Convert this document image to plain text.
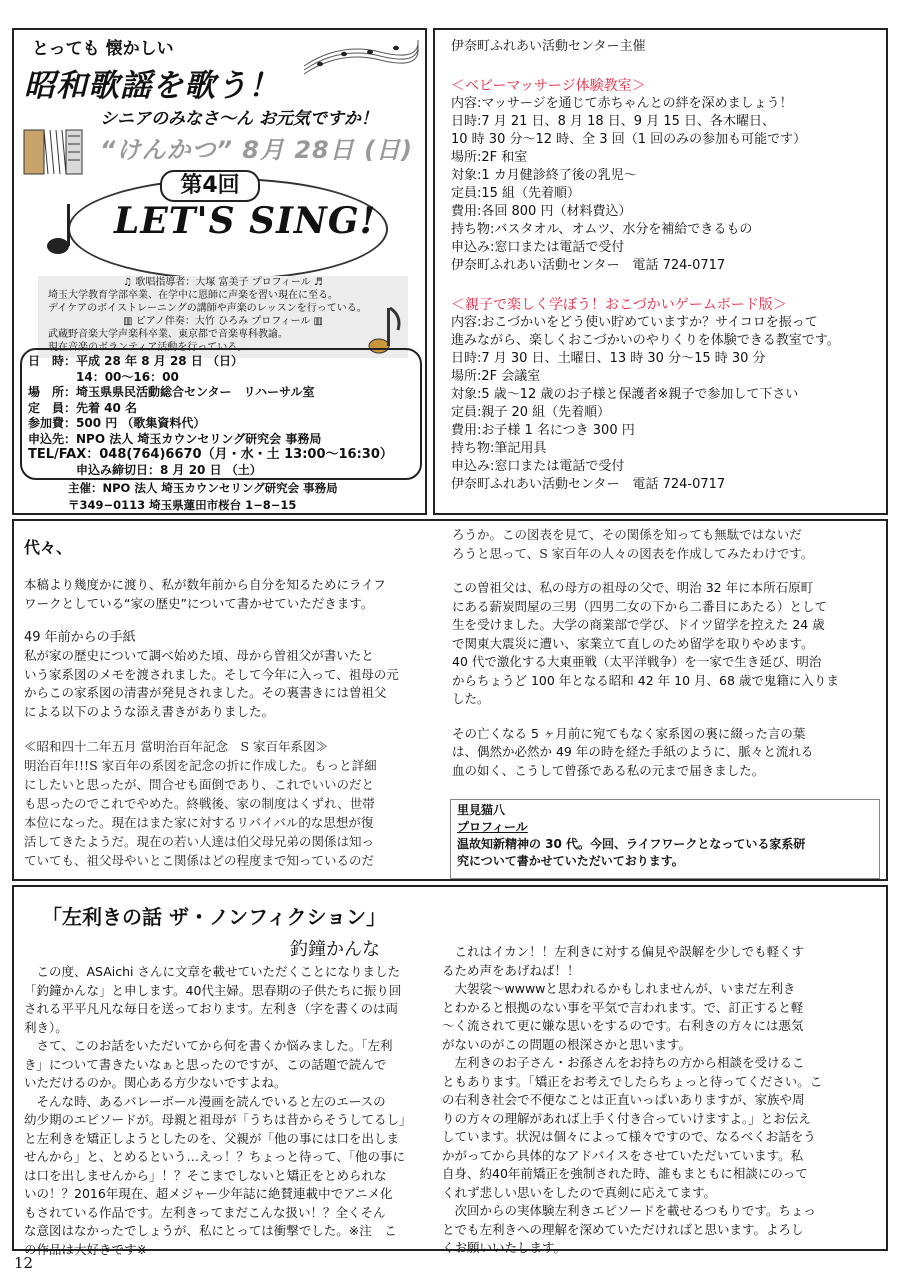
とっても 懐かしい
昭和歌謡を歌う！
シニアのみなさ〜ん お元気ですか！
“けんかつ” 8月 28日 (日)
第4回
LET'S SING!

♫ 歌唱指導者：大塚 富美子 プロフィール ♬

埼玉大学教育学部卒業、在学中に恩師に声楽を習い現在に至る。

デイケアのボイストレーニングの講師や声楽のレッスンを行っている。

▥ ピアノ伴奏：大竹 ひろみ プロフィール ▥

武蔵野音楽大学声楽科卒業、東京都で音楽専科教諭。

現在音楽のボランティア活動を行っている。

日　時：平成 28 年 8 月 28 日 （日）

　　　　14：00〜16：00

場　所：埼玉県県民活動総合センター　リハーサル室

定　員：先着 40 名

参加費：500 円 （歌集資料代）

申込先：NPO 法人 埼玉カウンセリング研究会 事務局

TEL/FAX：048(764)6670（月・水・土 13:00〜16:30）

　　　　申込み締切日：8 月 20 日 （土）

主催：NPO 法人 埼玉カウンセリング研究会 事務局

〒349−0113 埼玉県蓮田市桜台 1−8−15

伊奈町ふれあい活動センター主催

＜ベビーマッサージ体験教室＞

内容:マッサージを通じて赤ちゃんとの絆を深めましょう！

日時:7 月 21 日、8 月 18 日、9 月 15 日、各木曜日、

10 時 30 分〜12 時、全 3 回（1 回のみの参加も可能です）

場所:2F 和室

対象:1 カ月健診終了後の乳児〜

定員:15 組（先着順）

費用:各回 800 円（材料費込）

持ち物:バスタオル、オムツ、水分を補給できるもの

申込み:窓口または電話で受付

伊奈町ふれあい活動センター　電話 724-0717

＜親子で楽しく学ぼう！おこづかいゲームボード版＞

内容:おこづかいをどう使い貯めていますか？サイコロを振って

進みながら、楽しくおこづかいのやりくりを体験できる教室です。

日時:7 月 30 日、土曜日、13 時 30 分〜15 時 30 分

場所:2F 会議室

対象:5 歳〜12 歳のお子様と保護者※親子で参加して下さい

定員:親子 20 組（先着順）

費用:お子様 1 名につき 300 円

持ち物:筆記用具

申込み:窓口または電話で受付

伊奈町ふれあい活動センター　電話 724-0717

代々、

本稿より幾度かに渡り、私が数年前から自分を知るためにライフ

ワークとしている“家の歴史”について書かせていただきます。

49 年前からの手紙

私が家の歴史について調べ始めた頃、母から曽祖父が書いたと

いう家系図のメモを渡されました。そして今年に入って、祖母の元

からこの家系図の清書が発見されました。その裏書きには曽祖父

による以下のような添え書きがありました。

≪昭和四十二年五月 當明治百年記念　S 家百年系図≫

明治百年!!!S 家百年の系図を記念の折に作成した。もっと詳細

にしたいと思ったが、問合せも面倒であり、これでいいのだと

も思ったのでこれでやめた。終戦後、家の制度はくずれ、世帯

本位になった。現在はまた家に対するリバイバル的な思想が復

活してきたようだ。現在の若い人達は伯父母兄弟の関係は知っ

ていても、祖父母やいとこ関係はどの程度まで知っているのだ

ろうか。この図表を見て、その関係を知っても無駄ではないだ

ろうと思って、S 家百年の人々の図表を作成してみたわけです。

この曽祖父は、私の母方の祖母の父で、明治 32 年に本所石原町

にある薪炭問屋の三男（四男二女の下から二番目にあたる）として

生を受けました。大学の商業部で学び、ドイツ留学を控えた 24 歳

で関東大震災に遭い、家業立て直しのため留学を取りやめます。

40 代で激化する大東亜戦（太平洋戦争）を一家で生き延び、明治

からちょうど 100 年となる昭和 42 年 10 月、68 歳で鬼籍に入りま

した。

その亡くなる 5 ヶ月前に宛てもなく家系図の裏に綴った言の葉

は、偶然か必然か 49 年の時を経た手紙のように、脈々と流れる

血の如く、こうして曾孫である私の元まで届きました。

里見猫八

プロフィール

温故知新精神の 30 代。今回、ライフワークとなっている家系研

究について書かせていただいております。

「左利きの話 ザ・ノンフィクション」
釣鐘かんな

　この度、ASAichi さんに文章を載せていただくことになりました

「釣鐘かんな」と申します。40代主婦。思春期の子供たちに振り回

される平平凡凡な毎日を送っております。左利き（字を書くのは両

利き）。

　さて、このお話をいただいてから何を書くか悩みました。「左利

き」について書きたいなぁと思ったのですが、この話題で読んで

いただけるのか。関心ある方少ないですよね。

　そんな時、あるバレーボール漫画を読んでいると左のエースの

幼少期のエピソードが。母親と祖母が「うちは昔からそうしてるし」

と左利きを矯正しようとしたのを、父親が「他の事には口を出しま

せんから」と、とめるという…えっ！？ちょっと待って、「他の事に

は口を出しませんから」！？そこまでしないと矯正をとめられな

いの！？2016年現在、超メジャー少年誌に絶賛連載中でアニメ化

もされている作品です。左利きってまだこんな扱い！？全くそん

な意図はなかったでしょうが、私にとっては衝撃でした。※注　こ

の作品は大好きです※

　これはイカン！！左利きに対する偏見や誤解を少しでも軽くす

るため声をあげねば！！

　大袈裟〜wwwwと思われるかもしれませんが、いまだ左利き

とわかると根拠のない事を平気で言われます。で、訂正すると軽

〜く流されて更に嫌な思いをするのです。右利きの方々には悪気

がないのがこの問題の根深さかと思います。

　左利きのお子さん・お孫さんをお持ちの方から相談を受けるこ

ともあります。「矯正をお考えでしたらちょっと待ってください。こ

の右利き社会で不便なことは正直いっぱいありますが、家族や周

りの方々の理解があれば上手く付き合っていけますよ。」とお伝え

しています。状況は個々によって様々ですので、なるべくお話をう

かがってから具体的なアドバイスをさせていただいています。私

自身、約40年前矯正を強制された時、誰もまともに相談にのって

くれず悲しい思いをしたので真剣に応えてます。

　次回からの実体験左利きエピソードを載せるつもりです。ちょっ

とでも左利きへの理解を深めていただければと思います。よろし

くお願いいたします。

12
